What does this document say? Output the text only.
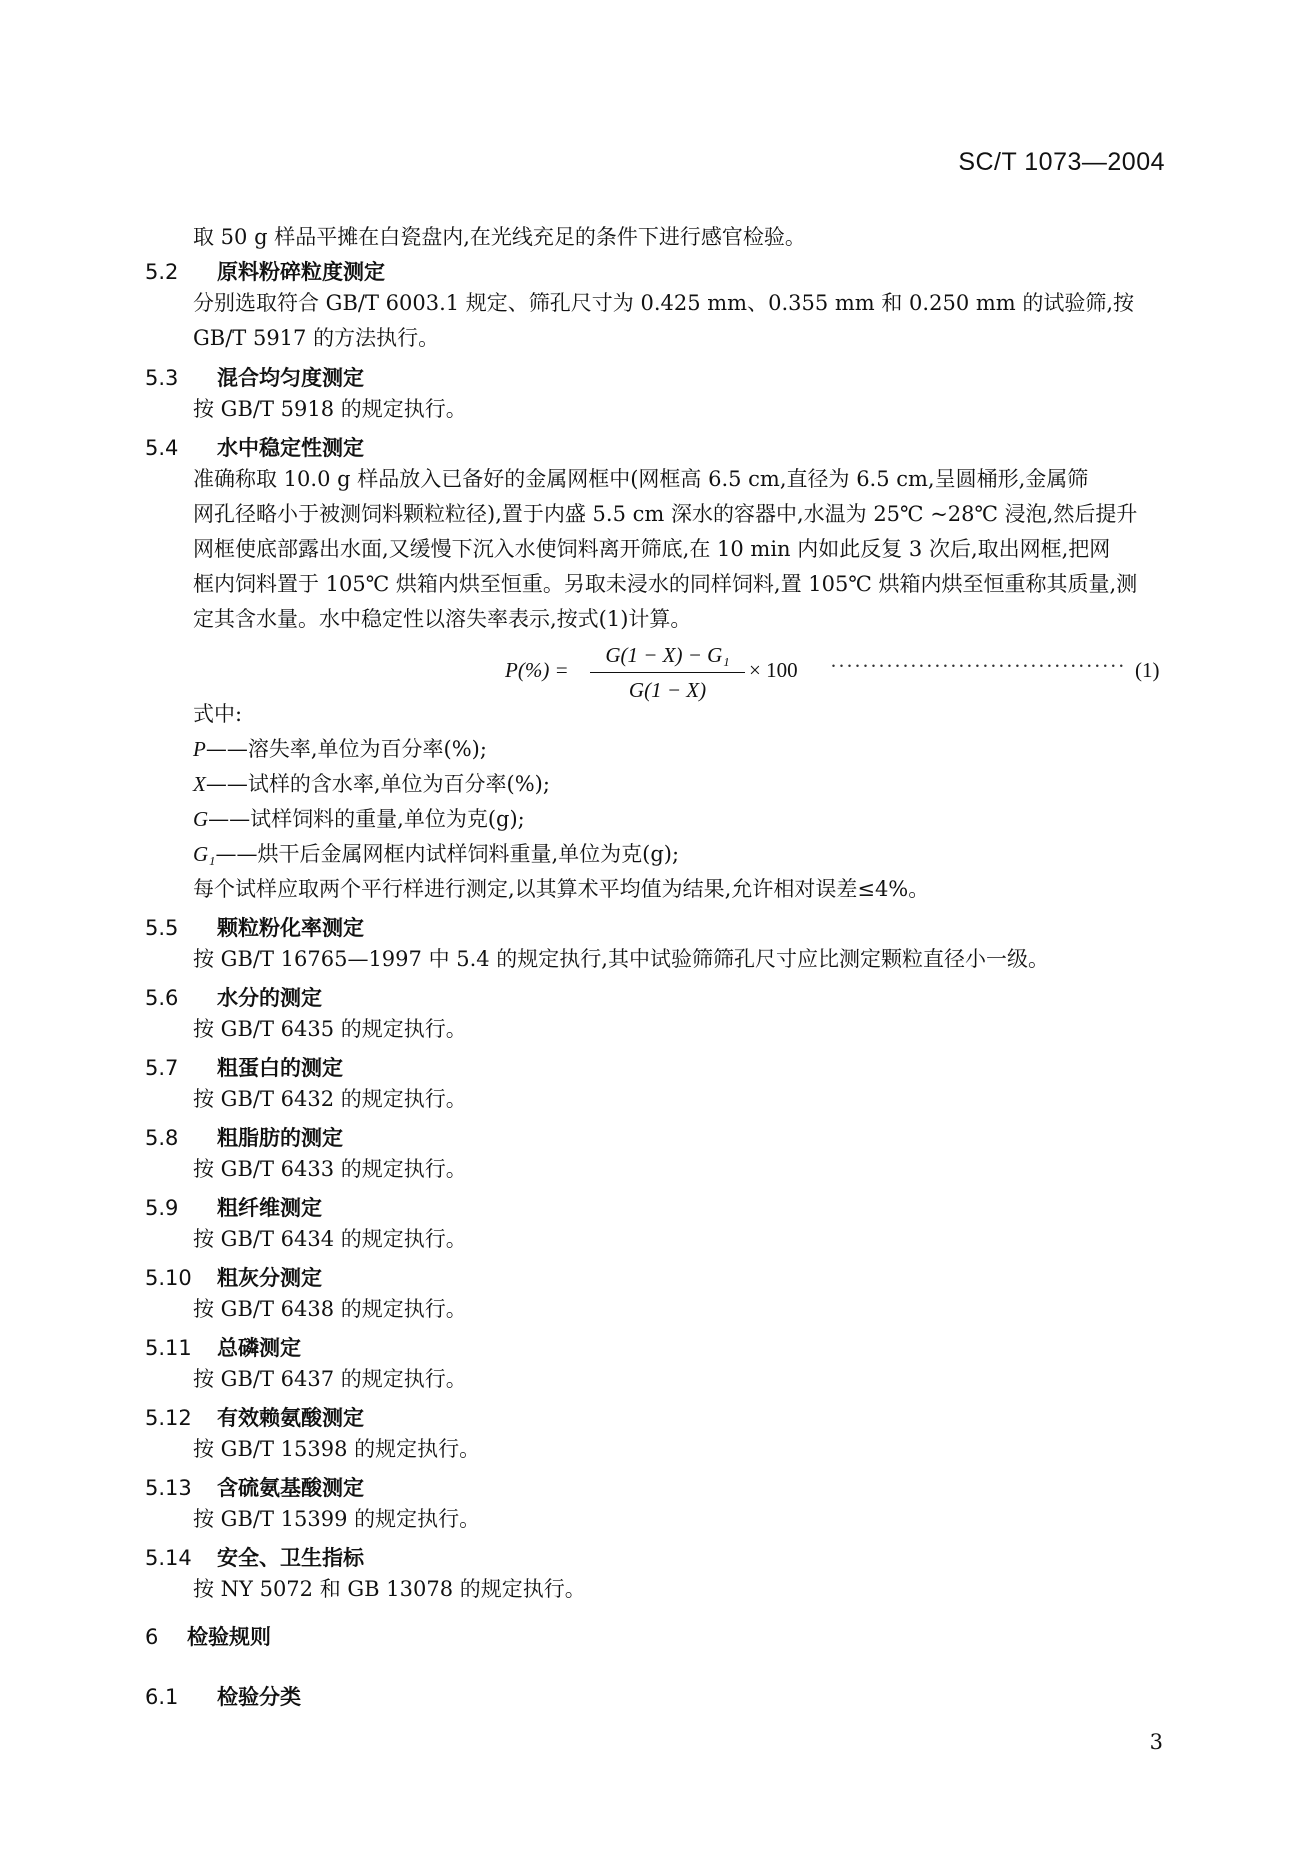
SC/T 1073—2004

取 50 g 样品平摊在白瓷盘内,在光线充足的条件下进行感官检验。

5.2 原料粉碎粒度测定

分别选取符合 GB/T 6003.1 规定、筛孔尺寸为 0.425 mm、0.355 mm 和 0.250 mm 的试验筛,按

GB/T 5917 的方法执行。

5.3 混合均匀度测定

按 GB/T 5918 的规定执行。

5.4 水中稳定性测定

准确称取 10.0 g 样品放入已备好的金属网框中(网框高 6.5 cm,直径为 6.5 cm,呈圆桶形,金属筛

网孔径略小于被测饲料颗粒粒径),置于内盛 5.5 cm 深水的容器中,水温为 25℃ ~28℃ 浸泡,然后提升

网框使底部露出水面,又缓慢下沉入水使饲料离开筛底,在 10 min 内如此反复 3 次后,取出网框,把网

框内饲料置于 105℃ 烘箱内烘至恒重。另取未浸水的同样饲料,置 105℃ 烘箱内烘至恒重称其质量,测

定其含水量。水中稳定性以溶失率表示,按式(1)计算。

P(%) =
G(1 − X) − G₁
G(1 − X)
× 100 ····································· (1)
式中:
P——溶失率,单位为百分率(%);
X——试样的含水率,单位为百分率(%);
G——试样饲料的重量,单位为克(g);
G₁——烘干后金属网框内试样饲料重量,单位为克(g);

每个试样应取两个平行样进行测定,以其算术平均值为结果,允许相对误差≤4%。

5.5 颗粒粉化率测定

按 GB/T 16765—1997 中 5.4 的规定执行,其中试验筛筛孔尺寸应比测定颗粒直径小一级。

5.6 水分的测定

按 GB/T 6435 的规定执行。

5.7 粗蛋白的测定

按 GB/T 6432 的规定执行。

5.8 粗脂肪的测定

按 GB/T 6433 的规定执行。

5.9 粗纤维测定

按 GB/T 6434 的规定执行。

5.10 粗灰分测定

按 GB/T 6438 的规定执行。

5.11 总磷测定

按 GB/T 6437 的规定执行。

5.12 有效赖氨酸测定

按 GB/T 15398 的规定执行。

5.13 含硫氨基酸测定

按 GB/T 15399 的规定执行。

5.14 安全、卫生指标

按 NY 5072 和 GB 13078 的规定执行。

6 检验规则
6.1 检验分类
3
